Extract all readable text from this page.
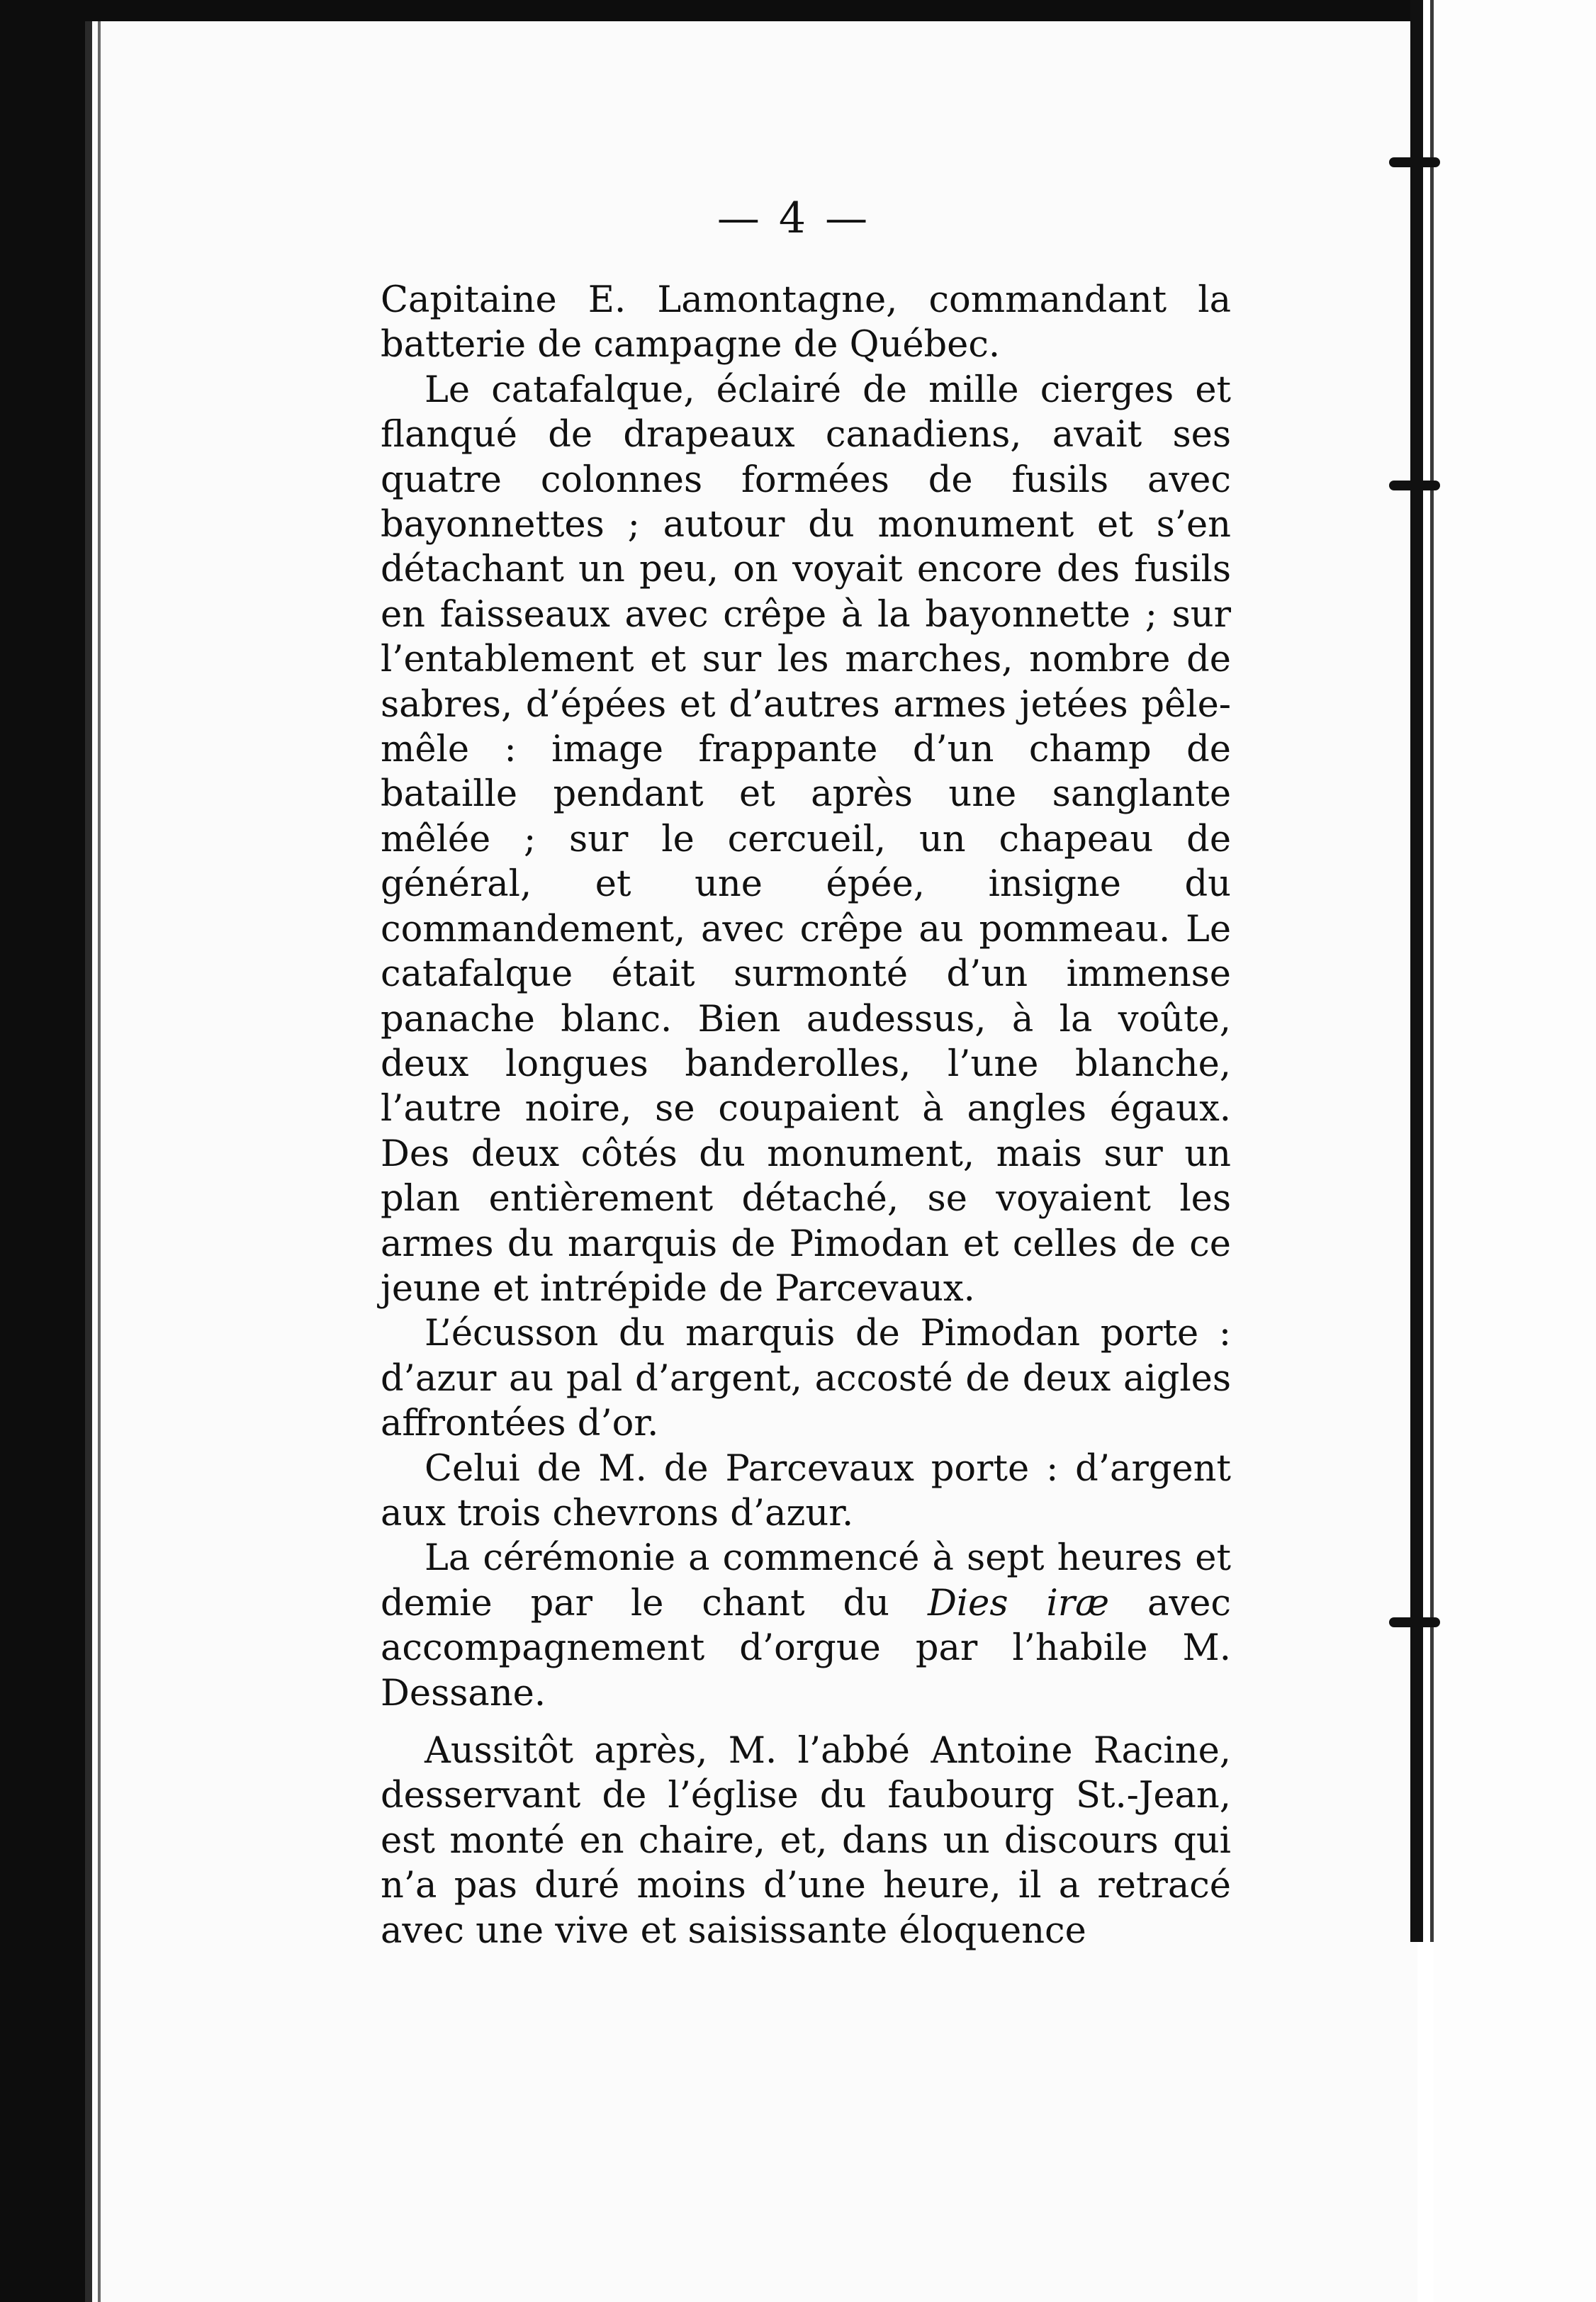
— 4 —

Capitaine E. Lamontagne, commandant la batterie de campagne de Québec.

Le catafalque, éclairé de mille cierges et flanqué de drapeaux canadiens, avait ses quatre colonnes formées de fusils avec bayonnettes ; autour du monument et s’en détachant un peu, on voyait encore des fusils en faisseaux avec crêpe à la bayonnette ; sur l’entablement et sur les marches, nombre de sabres, d’épées et d’autres armes jetées pêle-mêle : image frappante d’un champ de bataille pendant et après une sanglante mêlée ; sur le cercueil, un chapeau de général, et une épée, insigne du commandement, avec crêpe au pommeau. Le catafalque était surmonté d’un immense panache blanc. Bien audessus, à la voûte, deux longues banderolles, l’une blanche, l’autre noire, se coupaient à angles égaux. Des deux côtés du monument, mais sur un plan entièrement détaché, se voyaient les armes du marquis de Pimodan et celles de ce jeune et intrépide de Parcevaux.

L’écusson du marquis de Pimodan porte : d’azur au pal d’argent, accosté de deux aigles affrontées d’or.

Celui de M. de Parcevaux porte : d’argent aux trois chevrons d’azur.

La cérémonie a commencé à sept heures et demie par le chant du Dies iræ avec accompagnement d’orgue par l’habile M. Dessane.

Aussitôt après, M. l’abbé Antoine Racine, desservant de l’église du faubourg St.-Jean, est monté en chaire, et, dans un discours qui n’a pas duré moins d’une heure, il a retracé avec une vive et saisissante éloquence
